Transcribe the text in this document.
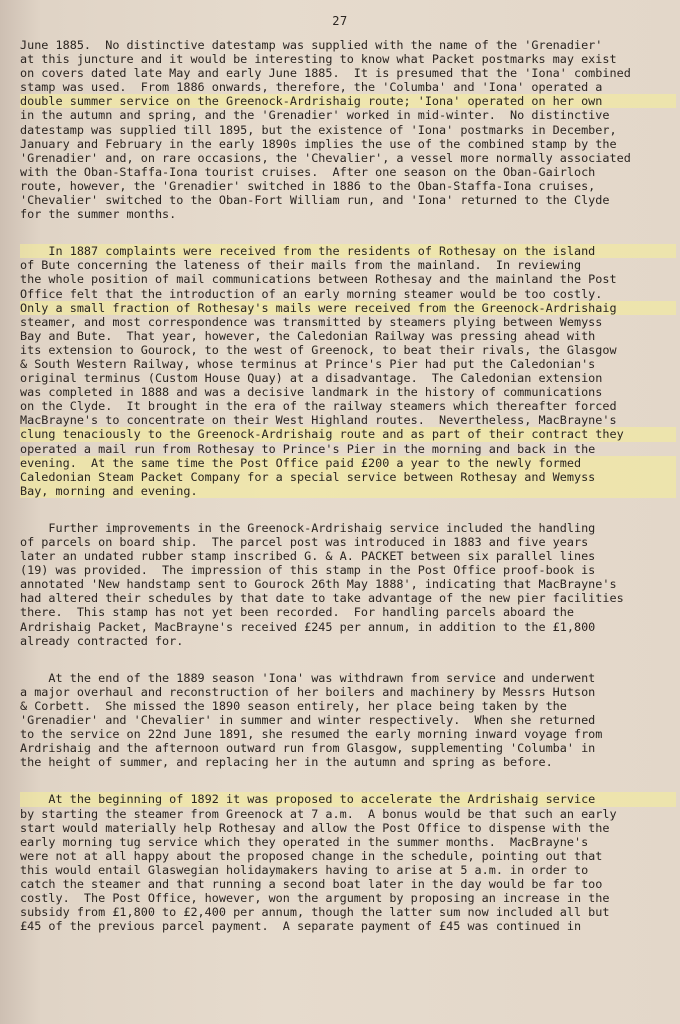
27
June 1885.  No distinctive datestamp was supplied with the name of the 'Grenadier'
at this juncture and it would be interesting to know what Packet postmarks may exist
on covers dated late May and early June 1885.  It is presumed that the 'Iona' combined
stamp was used.  From 1886 onwards, therefore, the 'Columba' and 'Iona' operated a
double summer service on the Greenock-Ardrishaig route; 'Iona' operated on her own
in the autumn and spring, and the 'Grenadier' worked in mid-winter.  No distinctive
datestamp was supplied till 1895, but the existence of 'Iona' postmarks in December,
January and February in the early 1890s implies the use of the combined stamp by the
'Grenadier' and, on rare occasions, the 'Chevalier', a vessel more normally associated
with the Oban-Staffa-Iona tourist cruises.  After one season on the Oban-Gairloch
route, however, the 'Grenadier' switched in 1886 to the Oban-Staffa-Iona cruises,
'Chevalier' switched to the Oban-Fort William run, and 'Iona' returned to the Clyde
for the summer months.
In 1887 complaints were received from the residents of Rothesay on the island
of Bute concerning the lateness of their mails from the mainland.  In reviewing
the whole position of mail communications between Rothesay and the mainland the Post
Office felt that the introduction of an early morning steamer would be too costly.
Only a small fraction of Rothesay's mails were received from the Greenock-Ardrishaig
steamer, and most correspondence was transmitted by steamers plying between Wemyss
Bay and Bute.  That year, however, the Caledonian Railway was pressing ahead with
its extension to Gourock, to the west of Greenock, to beat their rivals, the Glasgow
& South Western Railway, whose terminus at Prince's Pier had put the Caledonian's
original terminus (Custom House Quay) at a disadvantage.  The Caledonian extension
was completed in 1888 and was a decisive landmark in the history of communications
on the Clyde.  It brought in the era of the railway steamers which thereafter forced
MacBrayne's to concentrate on their West Highland routes.  Nevertheless, MacBrayne's
clung tenaciously to the Greenock-Ardrishaig route and as part of their contract they
operated a mail run from Rothesay to Prince's Pier in the morning and back in the
evening.  At the same time the Post Office paid £200 a year to the newly formed
Caledonian Steam Packet Company for a special service between Rothesay and Wemyss
Bay, morning and evening.
Further improvements in the Greenock-Ardrishaig service included the handling
of parcels on board ship.  The parcel post was introduced in 1883 and five years
later an undated rubber stamp inscribed G. & A. PACKET between six parallel lines
(19) was provided.  The impression of this stamp in the Post Office proof-book is
annotated 'New handstamp sent to Gourock 26th May 1888', indicating that MacBrayne's
had altered their schedules by that date to take advantage of the new pier facilities
there.  This stamp has not yet been recorded.  For handling parcels aboard the
Ardrishaig Packet, MacBrayne's received £245 per annum, in addition to the £1,800
already contracted for.
At the end of the 1889 season 'Iona' was withdrawn from service and underwent
a major overhaul and reconstruction of her boilers and machinery by Messrs Hutson
& Corbett.  She missed the 1890 season entirely, her place being taken by the
'Grenadier' and 'Chevalier' in summer and winter respectively.  When she returned
to the service on 22nd June 1891, she resumed the early morning inward voyage from
Ardrishaig and the afternoon outward run from Glasgow, supplementing 'Columba' in
the height of summer, and replacing her in the autumn and spring as before.
At the beginning of 1892 it was proposed to accelerate the Ardrishaig service
by starting the steamer from Greenock at 7 a.m.  A bonus would be that such an early
start would materially help Rothesay and allow the Post Office to dispense with the
early morning tug service which they operated in the summer months.  MacBrayne's
were not at all happy about the proposed change in the schedule, pointing out that
this would entail Glaswegian holidaymakers having to arise at 5 a.m. in order to
catch the steamer and that running a second boat later in the day would be far too
costly.  The Post Office, however, won the argument by proposing an increase in the
subsidy from £1,800 to £2,400 per annum, though the latter sum now included all but
£45 of the previous parcel payment.  A separate payment of £45 was continued in
